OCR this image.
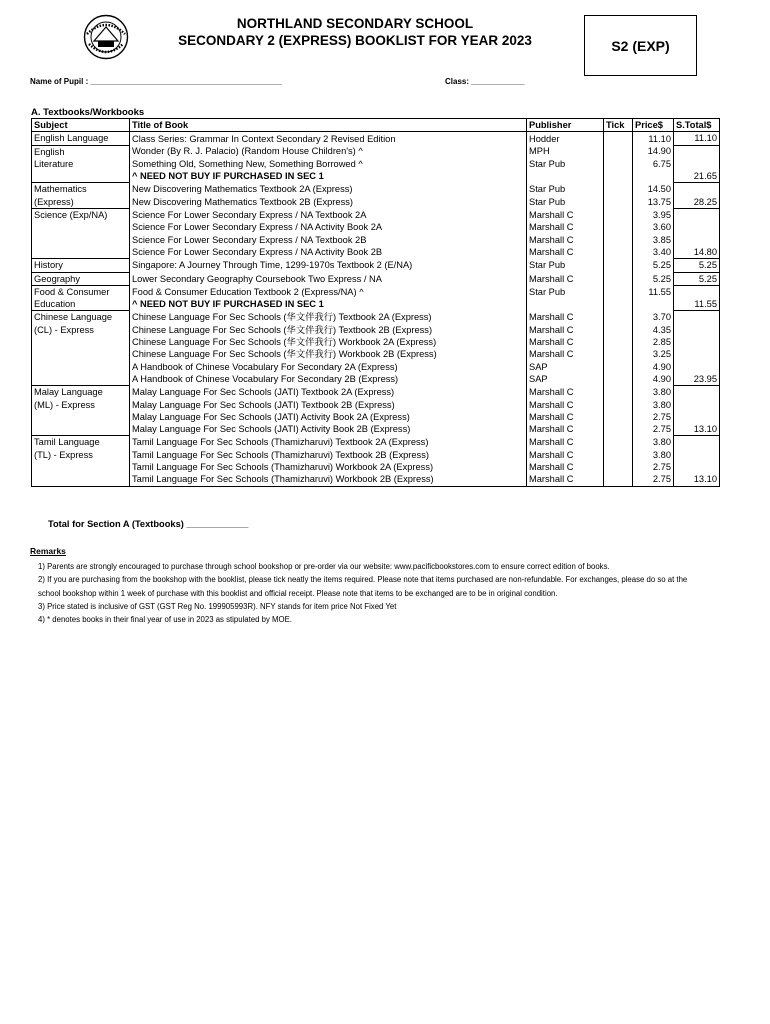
NORTHLAND SECONDARY SCHOOL
SECONDARY 2 (EXPRESS) BOOKLIST FOR YEAR 2023	S2 (EXP)
Name of Pupil : ___________________________________________	Class: ____________
A. Textbooks/Workbooks
Subject	Title of Book	Publisher	Tick	Price$	S.Total$
English Language	Class Series: Grammar In Context Secondary 2 Revised Edition	Hodder		11.10	11.10
English	Wonder (By R. J. Palacio) (Random House Children's) ^	MPH		14.90	
Literature	Something Old, Something New, Something Borrowed ^	Star Pub		6.75	
	^ NEED NOT BUY IF PURCHASED IN SEC 1				21.65
Mathematics	New Discovering Mathematics Textbook 2A (Express)	Star Pub		14.50	
(Express)	New Discovering Mathematics Textbook 2B (Express)	Star Pub		13.75	28.25
Science (Exp/NA)	Science For Lower Secondary Express / NA Textbook 2A	Marshall C		3.95	
	Science For Lower Secondary Express / NA Activity Book 2A	Marshall C		3.60	
	Science For Lower Secondary Express / NA Textbook 2B	Marshall C		3.85	
	Science For Lower Secondary Express / NA Activity Book 2B	Marshall C		3.40	14.80
History	Singapore: A Journey Through Time, 1299-1970s Textbook 2 (E/NA)	Star Pub		5.25	5.25
Geography	Lower Secondary Geography Coursebook Two Express / NA	Marshall C		5.25	5.25
Food & Consumer	Food & Consumer Education Textbook 2 (Express/NA) ^	Star Pub		11.55	
Education	^ NEED NOT BUY IF PURCHASED IN SEC 1				11.55
Chinese Language	Chinese Language For Sec Schools (华文伴我行) Textbook 2A (Express)	Marshall C		3.70	
(CL) - Express	Chinese Language For Sec Schools (华文伴我行) Textbook 2B (Express)	Marshall C		4.35	
	Chinese Language For Sec Schools (华文伴我行) Workbook 2A (Express)	Marshall C		2.85	
	Chinese Language For Sec Schools (华文伴我行) Workbook 2B (Express)	Marshall C		3.25	
	A Handbook of Chinese Vocabulary For Secondary 2A (Express)	SAP		4.90	
	A Handbook of Chinese Vocabulary For Secondary 2B (Express)	SAP		4.90	23.95
Malay Language	Malay Language For Sec Schools (JATI) Textbook 2A (Express)	Marshall C		3.80	
(ML) - Express	Malay Language For Sec Schools (JATI) Textbook 2B (Express)	Marshall C		3.80	
	Malay Language For Sec Schools (JATI) Activity Book 2A (Express)	Marshall C		2.75	
	Malay Language For Sec Schools (JATI) Activity Book 2B (Express)	Marshall C		2.75	13.10
Tamil Language	Tamil Language For Sec Schools (Thamizharuvi) Textbook 2A (Express)	Marshall C		3.80	
(TL) - Express	Tamil Language For Sec Schools (Thamizharuvi) Textbook 2B (Express)	Marshall C		3.80	
	Tamil Language For Sec Schools (Thamizharuvi) Workbook 2A (Express)	Marshall C		2.75	
	Tamil Language For Sec Schools (Thamizharuvi) Workbook 2B (Express)	Marshall C		2.75	13.10
Total for Section A (Textbooks) ____________
Remarks

1) Parents are strongly encouraged to purchase through school bookshop or pre-order via our website: www.pacificbookstores.com to ensure correct edition of books.

2) If you are purchasing from the bookshop with the booklist, please tick neatly the items required. Please note that items purchased are non-refundable. For exchanges, please do so at the school bookshop within 1 week of purchase with this booklist and official receipt. Please note that items to be exchanged are to be in original condition.

3) Price stated is inclusive of GST (GST Reg No. 199905993R). NFY stands for item price Not Fixed Yet

4) * denotes books in their final year of use in 2023 as stipulated by MOE.
